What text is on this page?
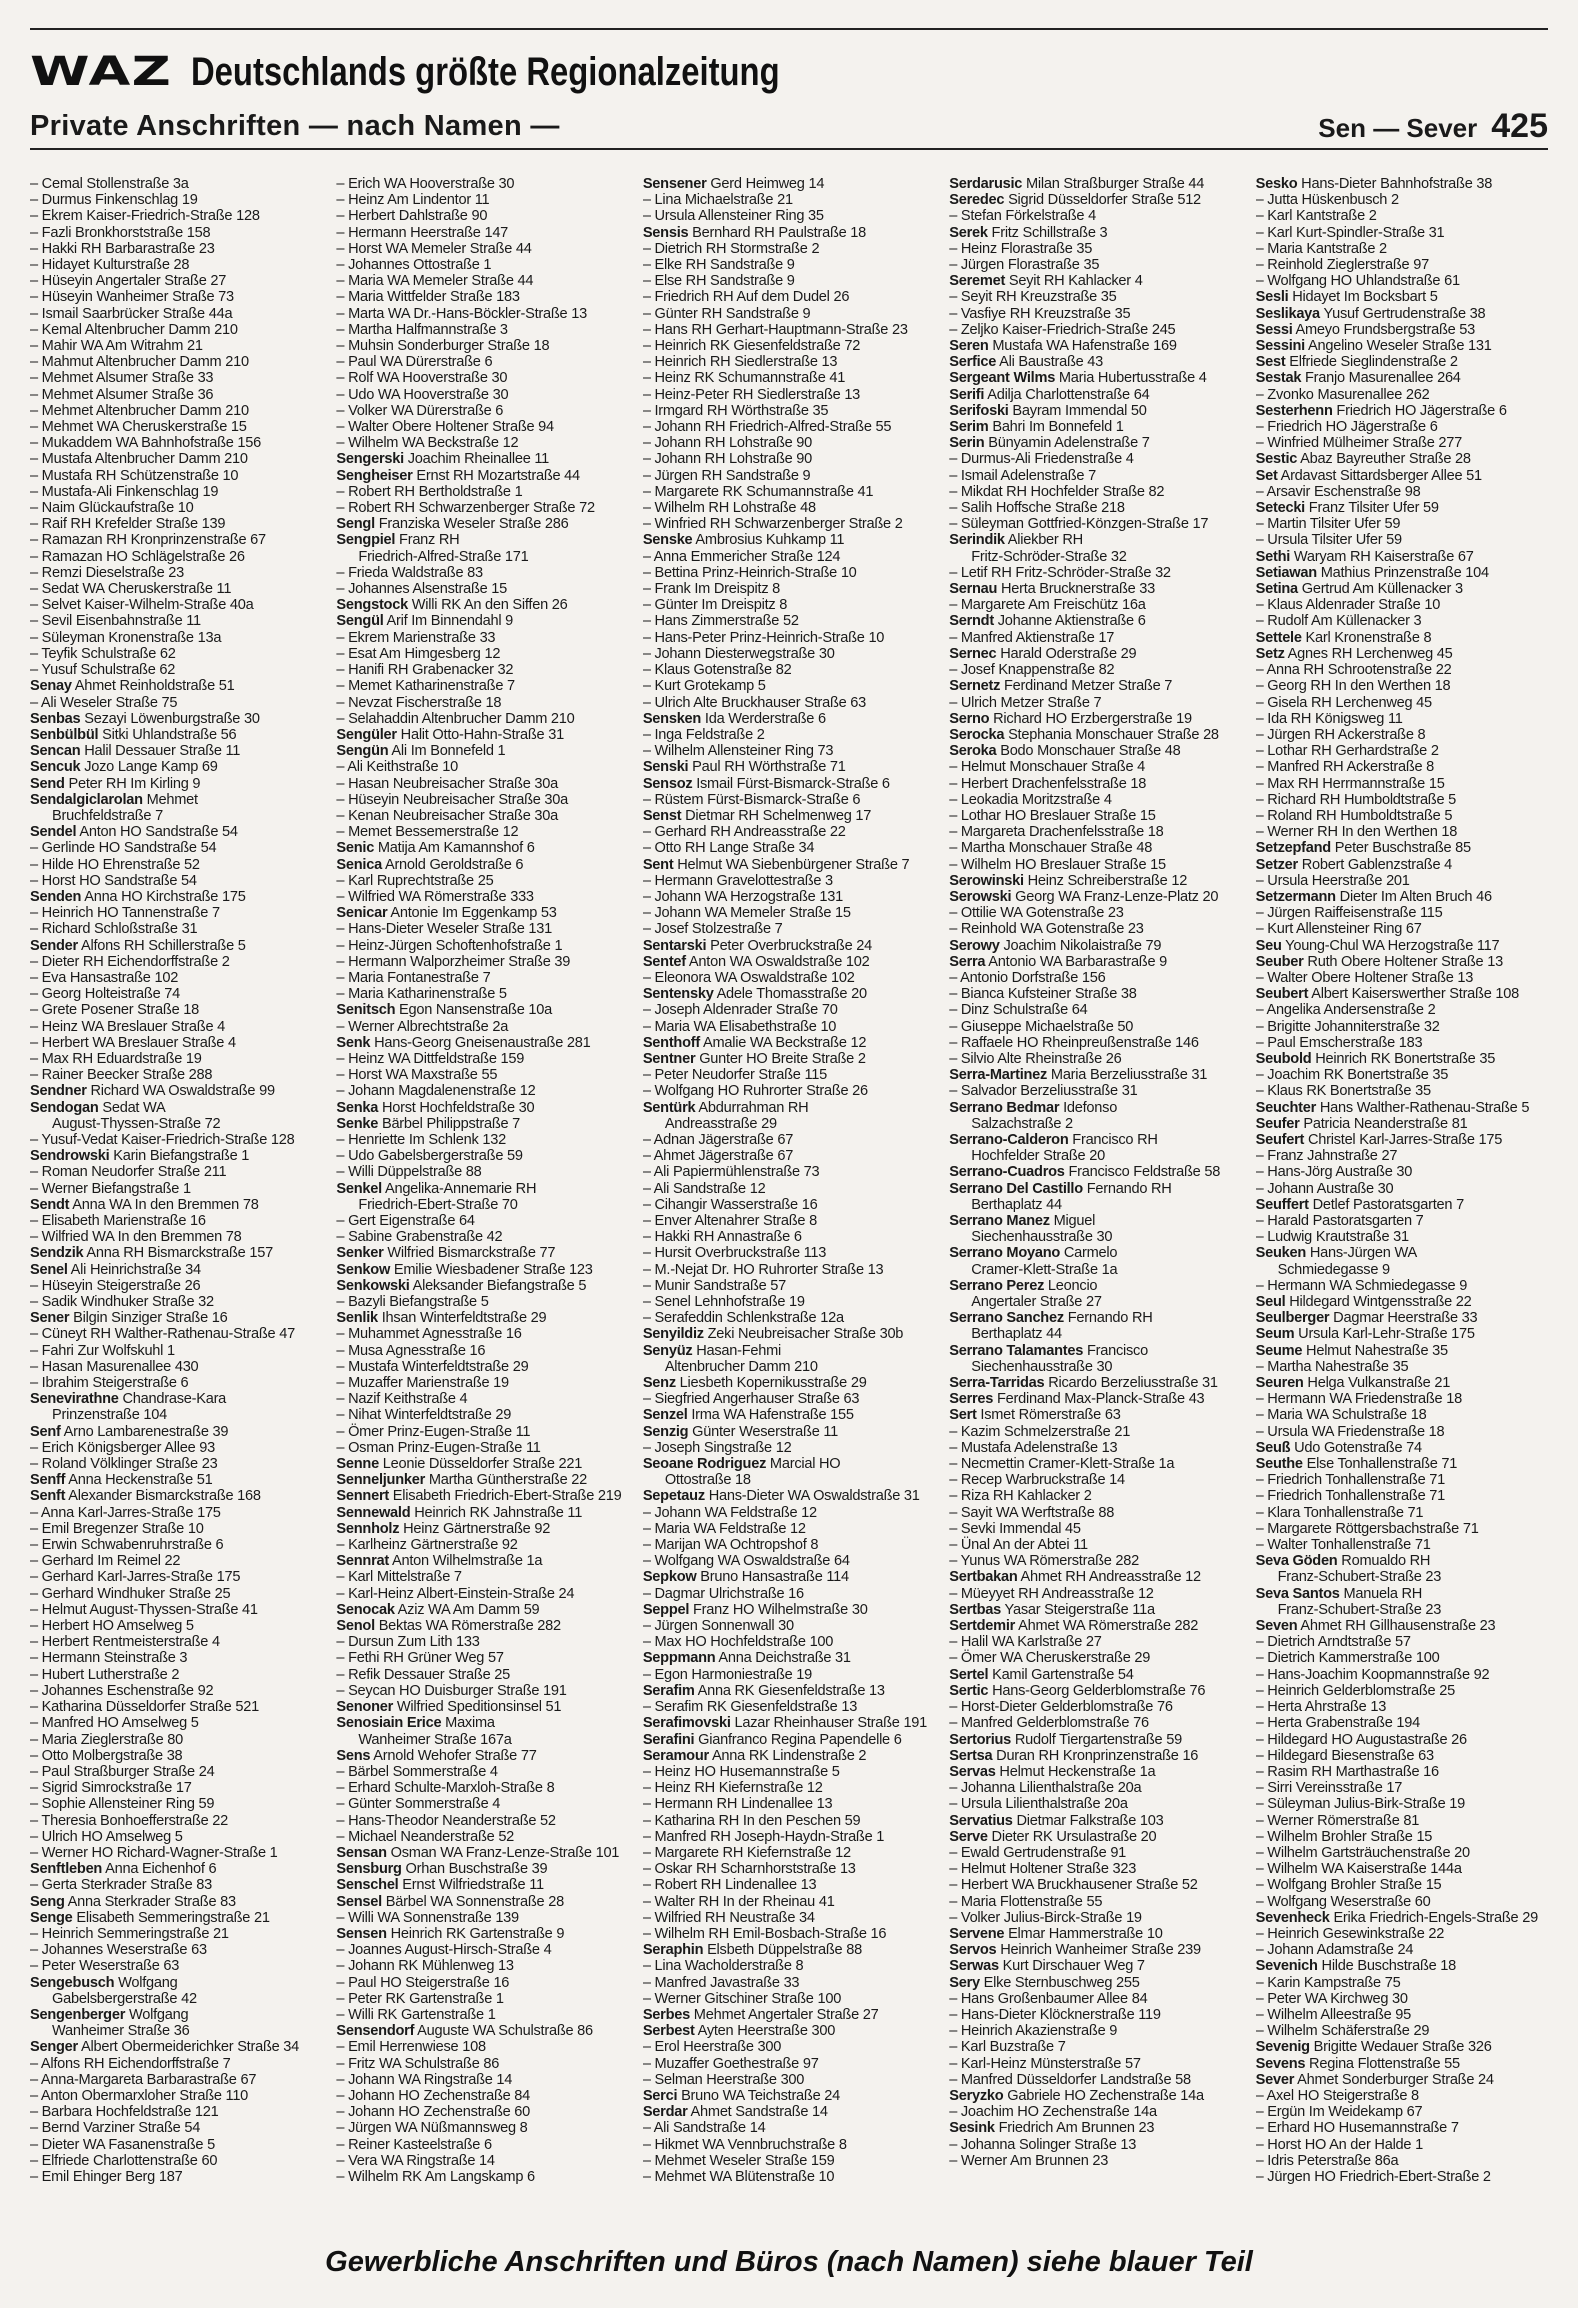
WAZ Deutschlands größte Regionalzeitung
Private Anschriften — nach Namen —	Sen — Sever 425
– Cemal Stollenstraße 3a
– Durmus Finkenschlag 19
– Ekrem Kaiser-Friedrich-Straße 128
– Fazli Bronkhorststraße 158
– Hakki RH Barbarastraße 23
– Hidayet Kulturstraße 28
– Hüseyin Angertaler Straße 27
– Hüseyin Wanheimer Straße 73
– Ismail Saarbrücker Straße 44a
– Kemal Altenbrucher Damm 210
– Mahir WA Am Witrahm 21
– Mahmut Altenbrucher Damm 210
– Mehmet Alsumer Straße 33
– Mehmet Alsumer Straße 36
– Mehmet Altenbrucher Damm 210
– Mehmet WA Cheruskerstraße 15
– Mukaddem WA Bahnhofstraße 156
– Mustafa Altenbrucher Damm 210
– Mustafa RH Schützenstraße 10
– Mustafa-Ali Finkenschlag 19
– Naim Glückaufstraße 10
– Raif RH Krefelder Straße 139
– Ramazan RH Kronprinzenstraße 67
– Ramazan HO Schlägelstraße 26
– Remzi Dieselstraße 23
– Sedat WA Cheruskerstraße 11
– Selvet Kaiser-Wilhelm-Straße 40a
– Sevil Eisenbahnstraße 11
– Süleyman Kronenstraße 13a
– Teyfik Schulstraße 62
– Yusuf Schulstraße 62
Senay Ahmet Reinholdstraße 51
– Ali Weseler Straße 75
Senbas Sezayi Löwenburgstraße 30
Senbülbül Sitki Uhlandstraße 56
Sencan Halil Dessauer Straße 11
Sencuk Jozo Lange Kamp 69
Send Peter RH Im Kirling 9
Sendalgiclarolan Mehmet
Bruchfeldstraße 7
Sendel Anton HO Sandstraße 54
– Gerlinde HO Sandstraße 54
– Hilde HO Ehrenstraße 52
– Horst HO Sandstraße 54
Senden Anna HO Kirchstraße 175
– Heinrich HO Tannenstraße 7
– Richard Schloßstraße 31
Sender Alfons RH Schillerstraße 5
– Dieter RH Eichendorffstraße 2
– Eva Hansastraße 102
– Georg Holteistraße 74
– Grete Posener Straße 18
– Heinz WA Breslauer Straße 4
– Herbert WA Breslauer Straße 4
– Max RH Eduardstraße 19
– Rainer Beecker Straße 288
Sendner Richard WA Oswaldstraße 99
Sendogan Sedat WA
August-Thyssen-Straße 72
– Yusuf-Vedat Kaiser-Friedrich-Straße 128
Sendrowski Karin Biefangstraße 1
– Roman Neudorfer Straße 211
– Werner Biefangstraße 1
Sendt Anna WA In den Bremmen 78
– Elisabeth Marienstraße 16
– Wilfried WA In den Bremmen 78
Sendzik Anna RH Bismarckstraße 157
Senel Ali Heinrichstraße 34
– Hüseyin Steigerstraße 26
– Sadik Windhuker Straße 32
Sener Bilgin Sinziger Straße 16
– Cüneyt RH Walther-Rathenau-Straße 47
– Fahri Zur Wolfskuhl 1
– Hasan Masurenallee 430
– Ibrahim Steigerstraße 6
Senevirathne Chandrase-Kara
Prinzenstraße 104
Senf Arno Lambarenestraße 39
– Erich Königsberger Allee 93
– Roland Völklinger Straße 23
Senff Anna Heckenstraße 51
Senft Alexander Bismarckstraße 168
– Anna Karl-Jarres-Straße 175
– Emil Bregenzer Straße 10
– Erwin Schwabenruhrstraße 6
– Gerhard Im Reimel 22
– Gerhard Karl-Jarres-Straße 175
– Gerhard Windhuker Straße 25
– Helmut August-Thyssen-Straße 41
– Herbert HO Amselweg 5
– Herbert Rentmeisterstraße 4
– Hermann Steinstraße 3
– Hubert Lutherstraße 2
– Johannes Eschenstraße 92
– Katharina Düsseldorfer Straße 521
– Manfred HO Amselweg 5
– Maria Zieglerstraße 80
– Otto Molbergstraße 38
– Paul Straßburger Straße 24
– Sigrid Simrockstraße 17
– Sophie Allensteiner Ring 59
– Theresia Bonhoefferstraße 22
– Ulrich HO Amselweg 5
– Werner HO Richard-Wagner-Straße 1
Senftleben Anna Eichenhof 6
– Gerta Sterkrader Straße 83
Seng Anna Sterkrader Straße 83
Senge Elisabeth Semmeringstraße 21
– Heinrich Semmeringstraße 21
– Johannes Weserstraße 63
– Peter Weserstraße 63
Sengebusch Wolfgang
Gabelsbergerstraße 42
Sengenberger Wolfgang
Wanheimer Straße 36
Senger Albert Obermeiderichker Straße 34
– Alfons RH Eichendorffstraße 7
– Anna-Margareta Barbarastraße 67
– Anton Obermarxloher Straße 110
– Barbara Hochfeldstraße 121
– Bernd Varziner Straße 54
– Dieter WA Fasanenstraße 5
– Elfriede Charlottenstraße 60
– Emil Ehinger Berg 187
– Erich WA Hooverstraße 30
– Heinz Am Lindentor 11
– Herbert Dahlstraße 90
– Hermann Heerstraße 147
– Horst WA Memeler Straße 44
– Johannes Ottostraße 1
– Maria WA Memeler Straße 44
– Maria Wittfelder Straße 183
– Marta WA Dr.-Hans-Böckler-Straße 13
– Martha Halfmannstraße 3
– Muhsin Sonderburger Straße 18
– Paul WA Dürerstraße 6
– Rolf WA Hooverstraße 30
– Udo WA Hooverstraße 30
– Volker WA Dürerstraße 6
– Walter Obere Holtener Straße 94
– Wilhelm WA Beckstraße 12
Sengerski Joachim Rheinallee 11
Sengheiser Ernst RH Mozartstraße 44
– Robert RH Bertholdstraße 1
– Robert RH Schwarzenberger Straße 72
Sengl Franziska Weseler Straße 286
Sengpiel Franz RH
Friedrich-Alfred-Straße 171
– Frieda Waldstraße 83
– Johannes Alsenstraße 15
Sengstock Willi RK An den Siffen 26
Sengül Arif Im Binnendahl 9
– Ekrem Marienstraße 33
– Esat Am Himgesberg 12
– Hanifi RH Grabenacker 32
– Memet Katharinenstraße 7
– Nevzat Fischerstraße 18
– Selahaddin Altenbrucher Damm 210
Sengüler Halit Otto-Hahn-Straße 31
Sengün Ali Im Bonnefeld 1
– Ali Keithstraße 10
– Hasan Neubreisacher Straße 30a
– Hüseyin Neubreisacher Straße 30a
– Kenan Neubreisacher Straße 30a
– Memet Bessemerstraße 12
Senic Matija Am Kamannshof 6
Senica Arnold Geroldstraße 6
– Karl Ruprechtstraße 25
– Wilfried WA Römerstraße 333
Senicar Antonie Im Eggenkamp 53
– Hans-Dieter Weseler Straße 131
– Heinz-Jürgen Schoftenhofstraße 1
– Hermann Walporzheimer Straße 39
– Maria Fontanestraße 7
– Maria Katharinenstraße 5
Senitsch Egon Nansenstraße 10a
– Werner Albrechtstraße 2a
Senk Hans-Georg Gneisenaustraße 281
– Heinz WA Dittfeldstraße 159
– Horst WA Maxstraße 55
– Johann Magdalenenstraße 12
Senka Horst Hochfeldstraße 30
Senke Bärbel Philippstraße 7
– Henriette Im Schlenk 132
– Udo Gabelsbergerstraße 59
– Willi Düppelstraße 88
Senkel Angelika-Annemarie RH
Friedrich-Ebert-Straße 70
– Gert Eigenstraße 64
– Sabine Grabenstraße 42
Senker Wilfried Bismarckstraße 77
Senkow Emilie Wiesbadener Straße 123
Senkowski Aleksander Biefangstraße 5
– Bazyli Biefangstraße 5
Senlik Ihsan Winterfeldtstraße 29
– Muhammet Agnesstraße 16
– Musa Agnesstraße 16
– Mustafa Winterfeldtstraße 29
– Muzaffer Marienstraße 19
– Nazif Keithstraße 4
– Nihat Winterfeldtstraße 29
– Ömer Prinz-Eugen-Straße 11
– Osman Prinz-Eugen-Straße 11
Senne Leonie Düsseldorfer Straße 221
Senneljunker Martha Güntherstraße 22
Sennert Elisabeth Friedrich-Ebert-Straße 219
Sennewald Heinrich RK Jahnstraße 11
Sennholz Heinz Gärtnerstraße 92
– Karlheinz Gärtnerstraße 92
Sennrat Anton Wilhelmstraße 1a
– Karl Mittelstraße 7
– Karl-Heinz Albert-Einstein-Straße 24
Senocak Aziz WA Am Damm 59
Senol Bektas WA Römerstraße 282
– Dursun Zum Lith 133
– Fethi RH Grüner Weg 57
– Refik Dessauer Straße 25
– Seycan HO Duisburger Straße 191
Senoner Wilfried Speditionsinsel 51
Senosiain Erice Maxima
Wanheimer Straße 167a
Sens Arnold Wehofer Straße 77
– Bärbel Sommerstraße 4
– Erhard Schulte-Marxloh-Straße 8
– Günter Sommerstraße 4
– Hans-Theodor Neanderstraße 52
– Michael Neanderstraße 52
Sensan Osman WA Franz-Lenze-Straße 101
Sensburg Orhan Buschstraße 39
Senschel Ernst Wilfriedstraße 11
Sensel Bärbel WA Sonnenstraße 28
– Willi WA Sonnenstraße 139
Sensen Heinrich RK Gartenstraße 9
– Joannes August-Hirsch-Straße 4
– Johann RK Mühlenweg 13
– Paul HO Steigerstraße 16
– Peter RK Gartenstraße 1
– Willi RK Gartenstraße 1
Sensendorf Auguste WA Schulstraße 86
– Emil Herrenwiese 108
– Fritz WA Schulstraße 86
– Johann WA Ringstraße 14
– Johann HO Zechenstraße 84
– Johann HO Zechenstraße 60
– Jürgen WA Nüßmannsweg 8
– Reiner Kasteelstraße 6
– Vera WA Ringstraße 14
– Wilhelm RK Am Langskamp 6
Sensener Gerd Heimweg 14
– Lina Michaelstraße 21
– Ursula Allensteiner Ring 35
Sensis Bernhard RH Paulstraße 18
– Dietrich RH Stormstraße 2
– Elke RH Sandstraße 9
– Else RH Sandstraße 9
– Friedrich RH Auf dem Dudel 26
– Günter RH Sandstraße 9
– Hans RH Gerhart-Hauptmann-Straße 23
– Heinrich RK Giesenfeldstraße 72
– Heinrich RH Siedlerstraße 13
– Heinz RK Schumannstraße 41
– Heinz-Peter RH Siedlerstraße 13
– Irmgard RH Wörthstraße 35
– Johann RH Friedrich-Alfred-Straße 55
– Johann RH Lohstraße 90
– Johann RH Lohstraße 90
– Jürgen RH Sandstraße 9
– Margarete RK Schumannstraße 41
– Wilhelm RH Lohstraße 48
– Winfried RH Schwarzenberger Straße 2
Senske Ambrosius Kuhkamp 11
– Anna Emmericher Straße 124
– Bettina Prinz-Heinrich-Straße 10
– Frank Im Dreispitz 8
– Günter Im Dreispitz 8
– Hans Zimmerstraße 52
– Hans-Peter Prinz-Heinrich-Straße 10
– Johann Diesterwegstraße 30
– Klaus Gotenstraße 82
– Kurt Grotekamp 5
– Ulrich Alte Bruckhauser Straße 63
Sensken Ida Werderstraße 6
– Inga Feldstraße 2
– Wilhelm Allensteiner Ring 73
Senski Paul RH Wörthstraße 71
Sensoz Ismail Fürst-Bismarck-Straße 6
– Rüstem Fürst-Bismarck-Straße 6
Senst Dietmar RH Schelmenweg 17
– Gerhard RH Andreasstraße 22
– Otto RH Lange Straße 34
Sent Helmut WA Siebenbürgener Straße 7
– Hermann Gravelottestraße 3
– Johann WA Herzogstraße 131
– Johann WA Memeler Straße 15
– Josef Stolzestraße 7
Sentarski Peter Overbruckstraße 24
Sentef Anton WA Oswaldstraße 102
– Eleonora WA Oswaldstraße 102
Sentensky Adele Thomasstraße 20
– Joseph Aldenrader Straße 70
– Maria WA Elisabethstraße 10
Senthoff Amalie WA Beckstraße 12
Sentner Gunter HO Breite Straße 2
– Peter Neudorfer Straße 115
– Wolfgang HO Ruhrorter Straße 26
Sentürk Abdurrahman RH
Andreasstraße 29
– Adnan Jägerstraße 67
– Ahmet Jägerstraße 67
– Ali Papiermühlenstraße 73
– Ali Sandstraße 12
– Cihangir Wasserstraße 16
– Enver Altenahrer Straße 8
– Hakki RH Annastraße 6
– Hursit Overbruckstraße 113
– M.-Nejat Dr. HO Ruhrorter Straße 13
– Munir Sandstraße 57
– Senel Lehnhofstraße 19
– Serafeddin Schlenkstraße 12a
Senyildiz Zeki Neubreisacher Straße 30b
Senyüz Hasan-Fehmi
Altenbrucher Damm 210
Senz Liesbeth Kopernikusstraße 29
– Siegfried Angerhauser Straße 63
Senzel Irma WA Hafenstraße 155
Senzig Günter Weserstraße 11
– Joseph Singstraße 12
Seoane Rodriguez Marcial HO
Ottostraße 18
Sepetauz Hans-Dieter WA Oswaldstraße 31
– Johann WA Feldstraße 12
– Maria WA Feldstraße 12
– Marijan WA Ochtropshof 8
– Wolfgang WA Oswaldstraße 64
Sepkow Bruno Hansastraße 114
– Dagmar Ulrichstraße 16
Seppel Franz HO Wilhelmstraße 30
– Jürgen Sonnenwall 30
– Max HO Hochfeldstraße 100
Seppmann Anna Deichstraße 31
– Egon Harmoniestraße 19
Serafim Anna RK Giesenfeldstraße 13
– Serafim RK Giesenfeldstraße 13
Serafimovski Lazar Rheinhauser Straße 191
Serafini Gianfranco Regina Papendelle 6
Seramour Anna RK Lindenstraße 2
– Heinz HO Husemannstraße 5
– Heinz RH Kiefernstraße 12
– Hermann RH Lindenallee 13
– Katharina RH In den Peschen 59
– Manfred RH Joseph-Haydn-Straße 1
– Margarete RH Kiefernstraße 12
– Oskar RH Scharnhorststraße 13
– Robert RH Lindenallee 13
– Walter RH In der Rheinau 41
– Wilfried RH Neustraße 34
– Wilhelm RH Emil-Bosbach-Straße 16
Seraphin Elsbeth Düppelstraße 88
– Lina Wacholderstraße 8
– Manfred Javastraße 33
– Werner Gitschiner Straße 100
Serbes Mehmet Angertaler Straße 27
Serbest Ayten Heerstraße 300
– Erol Heerstraße 300
– Muzaffer Goethestraße 97
– Selman Heerstraße 300
Serci Bruno WA Teichstraße 24
Serdar Ahmet Sandstraße 14
– Ali Sandstraße 14
– Hikmet WA Vennbruchstraße 8
– Mehmet Weseler Straße 159
– Mehmet WA Blütenstraße 10
Serdarusic Milan Straßburger Straße 44
Seredec Sigrid Düsseldorfer Straße 512
– Stefan Förkelstraße 4
Serek Fritz Schillstraße 3
– Heinz Florastraße 35
– Jürgen Florastraße 35
Seremet Seyit RH Kahlacker 4
– Seyit RH Kreuzstraße 35
– Vasfiye RH Kreuzstraße 35
– Zeljko Kaiser-Friedrich-Straße 245
Seren Mustafa WA Hafenstraße 169
Serfice Ali Baustraße 43
Sergeant Wilms Maria Hubertusstraße 4
Serifi Adilja Charlottenstraße 64
Serifoski Bayram Immendal 50
Serim Bahri Im Bonnefeld 1
Serin Bünyamin Adelenstraße 7
– Durmus-Ali Friedenstraße 4
– Ismail Adelenstraße 7
– Mikdat RH Hochfelder Straße 82
– Salih Hoffsche Straße 218
– Süleyman Gottfried-Könzgen-Straße 17
Serindik Aliekber RH
Fritz-Schröder-Straße 32
– Letif RH Fritz-Schröder-Straße 32
Sernau Herta Brucknerstraße 33
– Margarete Am Freischütz 16a
Serndt Johanne Aktienstraße 6
– Manfred Aktienstraße 17
Sernec Harald Oderstraße 29
– Josef Knappenstraße 82
Sernetz Ferdinand Metzer Straße 7
– Ulrich Metzer Straße 7
Serno Richard HO Erzbergerstraße 19
Serocka Stephania Monschauer Straße 28
Seroka Bodo Monschauer Straße 48
– Helmut Monschauer Straße 4
– Herbert Drachenfelsstraße 18
– Leokadia Moritzstraße 4
– Lothar HO Breslauer Straße 15
– Margareta Drachenfelsstraße 18
– Martha Monschauer Straße 48
– Wilhelm HO Breslauer Straße 15
Serowinski Heinz Schreiberstraße 12
Serowski Georg WA Franz-Lenze-Platz 20
– Ottilie WA Gotenstraße 23
– Reinhold WA Gotenstraße 23
Serowy Joachim Nikolaistraße 79
Serra Antonio WA Barbarastraße 9
– Antonio Dorfstraße 156
– Bianca Kufsteiner Straße 38
– Dinz Schulstraße 64
– Giuseppe Michaelstraße 50
– Raffaele HO Rheinpreußenstraße 146
– Silvio Alte Rheinstraße 26
Serra-Martinez Maria Berzeliusstraße 31
– Salvador Berzeliusstraße 31
Serrano Bedmar Idefonso
Salzachstraße 2
Serrano-Calderon Francisco RH
Hochfelder Straße 20
Serrano-Cuadros Francisco Feldstraße 58
Serrano Del Castillo Fernando RH
Berthaplatz 44
Serrano Manez Miguel
Siechenhausstraße 30
Serrano Moyano Carmelo
Cramer-Klett-Straße 1a
Serrano Perez Leoncio
Angertaler Straße 27
Serrano Sanchez Fernando RH
Berthaplatz 44
Serrano Talamantes Francisco
Siechenhausstraße 30
Serra-Tarridas Ricardo Berzeliusstraße 31
Serres Ferdinand Max-Planck-Straße 43
Sert Ismet Römerstraße 63
– Kazim Schmelzerstraße 21
– Mustafa Adelenstraße 13
– Necmettin Cramer-Klett-Straße 1a
– Recep Warbruckstraße 14
– Riza RH Kahlacker 2
– Sayit WA Werftstraße 88
– Sevki Immendal 45
– Ünal An der Abtei 11
– Yunus WA Römerstraße 282
Sertbakan Ahmet RH Andreasstraße 12
– Müeyyet RH Andreasstraße 12
Sertbas Yasar Steigerstraße 11a
Sertdemir Ahmet WA Römerstraße 282
– Halil WA Karlstraße 27
– Ömer WA Cheruskerstraße 29
Sertel Kamil Gartenstraße 54
Sertic Hans-Georg Gelderblomstraße 76
– Horst-Dieter Gelderblomstraße 76
– Manfred Gelderblomstraße 76
Sertorius Rudolf Tiergartenstraße 59
Sertsa Duran RH Kronprinzenstraße 16
Servas Helmut Heckenstraße 1a
– Johanna Lilienthalstraße 20a
– Ursula Lilienthalstraße 20a
Servatius Dietmar Falkstraße 103
Serve Dieter RK Ursulastraße 20
– Ewald Gertrudenstraße 91
– Helmut Holtener Straße 323
– Herbert WA Bruckhausener Straße 52
– Maria Flottenstraße 55
– Volker Julius-Birck-Straße 19
Servene Elmar Hammerstraße 10
Servos Heinrich Wanheimer Straße 239
Serwas Kurt Dirschauer Weg 7
Sery Elke Sternbuschweg 255
– Hans Großenbaumer Allee 84
– Hans-Dieter Klöcknerstraße 119
– Heinrich Akazienstraße 9
– Karl Buzstraße 7
– Karl-Heinz Münsterstraße 57
– Manfred Düsseldorfer Landstraße 58
Seryzko Gabriele HO Zechenstraße 14a
– Joachim HO Zechenstraße 14a
Sesink Friedrich Am Brunnen 23
– Johanna Solinger Straße 13
– Werner Am Brunnen 23
Sesko Hans-Dieter Bahnhofstraße 38
– Jutta Hüskenbusch 2
– Karl Kantstraße 2
– Karl Kurt-Spindler-Straße 31
– Maria Kantstraße 2
– Reinhold Zieglerstraße 97
– Wolfgang HO Uhlandstraße 61
Sesli Hidayet Im Bocksbart 5
Seslikaya Yusuf Gertrudenstraße 38
Sessi Ameyo Frundsbergstraße 53
Sessini Angelino Weseler Straße 131
Sest Elfriede Sieglindenstraße 2
Sestak Franjo Masurenallee 264
– Zvonko Masurenallee 262
Sesterhenn Friedrich HO Jägerstraße 6
– Friedrich HO Jägerstraße 6
– Winfried Mülheimer Straße 277
Sestic Abaz Bayreuther Straße 28
Set Ardavast Sittardsberger Allee 51
– Arsavir Eschenstraße 98
Setecki Franz Tilsiter Ufer 59
– Martin Tilsiter Ufer 59
– Ursula Tilsiter Ufer 59
Sethi Waryam RH Kaiserstraße 67
Setiawan Mathius Prinzenstraße 104
Setina Gertrud Am Küllenacker 3
– Klaus Aldenrader Straße 10
– Rudolf Am Küllenacker 3
Settele Karl Kronenstraße 8
Setz Agnes RH Lerchenweg 45
– Anna RH Schrootenstraße 22
– Georg RH In den Werthen 18
– Gisela RH Lerchenweg 45
– Ida RH Königsweg 11
– Jürgen RH Ackerstraße 8
– Lothar RH Gerhardstraße 2
– Manfred RH Ackerstraße 8
– Max RH Herrmannstraße 15
– Richard RH Humboldtstraße 5
– Roland RH Humboldtstraße 5
– Werner RH In den Werthen 18
Setzepfand Peter Buschstraße 85
Setzer Robert Gablenzstraße 4
– Ursula Heerstraße 201
Setzermann Dieter Im Alten Bruch 46
– Jürgen Raiffeisenstraße 115
– Kurt Allensteiner Ring 67
Seu Young-Chul WA Herzogstraße 117
Seuber Ruth Obere Holtener Straße 13
– Walter Obere Holtener Straße 13
Seubert Albert Kaiserswerther Straße 108
– Angelika Andersenstraße 2
– Brigitte Johanniterstraße 32
– Paul Emscherstraße 183
Seubold Heinrich RK Bonertstraße 35
– Joachim RK Bonertstraße 35
– Klaus RK Bonertstraße 35
Seuchter Hans Walther-Rathenau-Straße 5
Seufer Patricia Neanderstraße 81
Seufert Christel Karl-Jarres-Straße 175
– Franz Jahnstraße 27
– Hans-Jörg Austraße 30
– Johann Austraße 30
Seuffert Detlef Pastoratsgarten 7
– Harald Pastoratsgarten 7
– Ludwig Krautstraße 31
Seuken Hans-Jürgen WA
Schmiedegasse 9
– Hermann WA Schmiedegasse 9
Seul Hildegard Wintgensstraße 22
Seulberger Dagmar Heerstraße 33
Seum Ursula Karl-Lehr-Straße 175
Seume Helmut Nahestraße 35
– Martha Nahestraße 35
Seuren Helga Vulkanstraße 21
– Hermann WA Friedenstraße 18
– Maria WA Schulstraße 18
– Ursula WA Friedenstraße 18
Seuß Udo Gotenstraße 74
Seuthe Else Tonhallenstraße 71
– Friedrich Tonhallenstraße 71
– Friedrich Tonhallenstraße 71
– Klara Tonhallenstraße 71
– Margarete Röttgersbachstraße 71
– Walter Tonhallenstraße 71
Seva Göden Romualdo RH
Franz-Schubert-Straße 23
Seva Santos Manuela RH
Franz-Schubert-Straße 23
Seven Ahmet RH Gillhausenstraße 23
– Dietrich Arndtstraße 57
– Dietrich Kammerstraße 100
– Hans-Joachim Koopmannstraße 92
– Heinrich Gelderblomstraße 25
– Herta Ahrstraße 13
– Herta Grabenstraße 194
– Hildegard HO Augustastraße 26
– Hildegard Biesenstraße 63
– Rasim RH Marthastraße 16
– Sirri Vereinsstraße 17
– Süleyman Julius-Birk-Straße 19
– Werner Römerstraße 81
– Wilhelm Brohler Straße 15
– Wilhelm Gartsträuchenstraße 20
– Wilhelm WA Kaiserstraße 144a
– Wolfgang Brohler Straße 15
– Wolfgang Weserstraße 60
Sevenheck Erika Friedrich-Engels-Straße 29
– Heinrich Gesewinkstraße 22
– Johann Adamstraße 24
Sevenich Hilde Buschstraße 18
– Karin Kampstraße 75
– Peter WA Kirchweg 30
– Wilhelm Alleestraße 95
– Wilhelm Schäferstraße 29
Sevenig Brigitte Wedauer Straße 326
Sevens Regina Flottenstraße 55
Sever Ahmet Sonderburger Straße 24
– Axel HO Steigerstraße 8
– Ergün Im Weidekamp 67
– Erhard HO Husemannstraße 7
– Horst HO An der Halde 1
– Idris Peterstraße 86a
– Jürgen HO Friedrich-Ebert-Straße 2
Gewerbliche Anschriften und Büros (nach Namen) siehe blauer Teil
